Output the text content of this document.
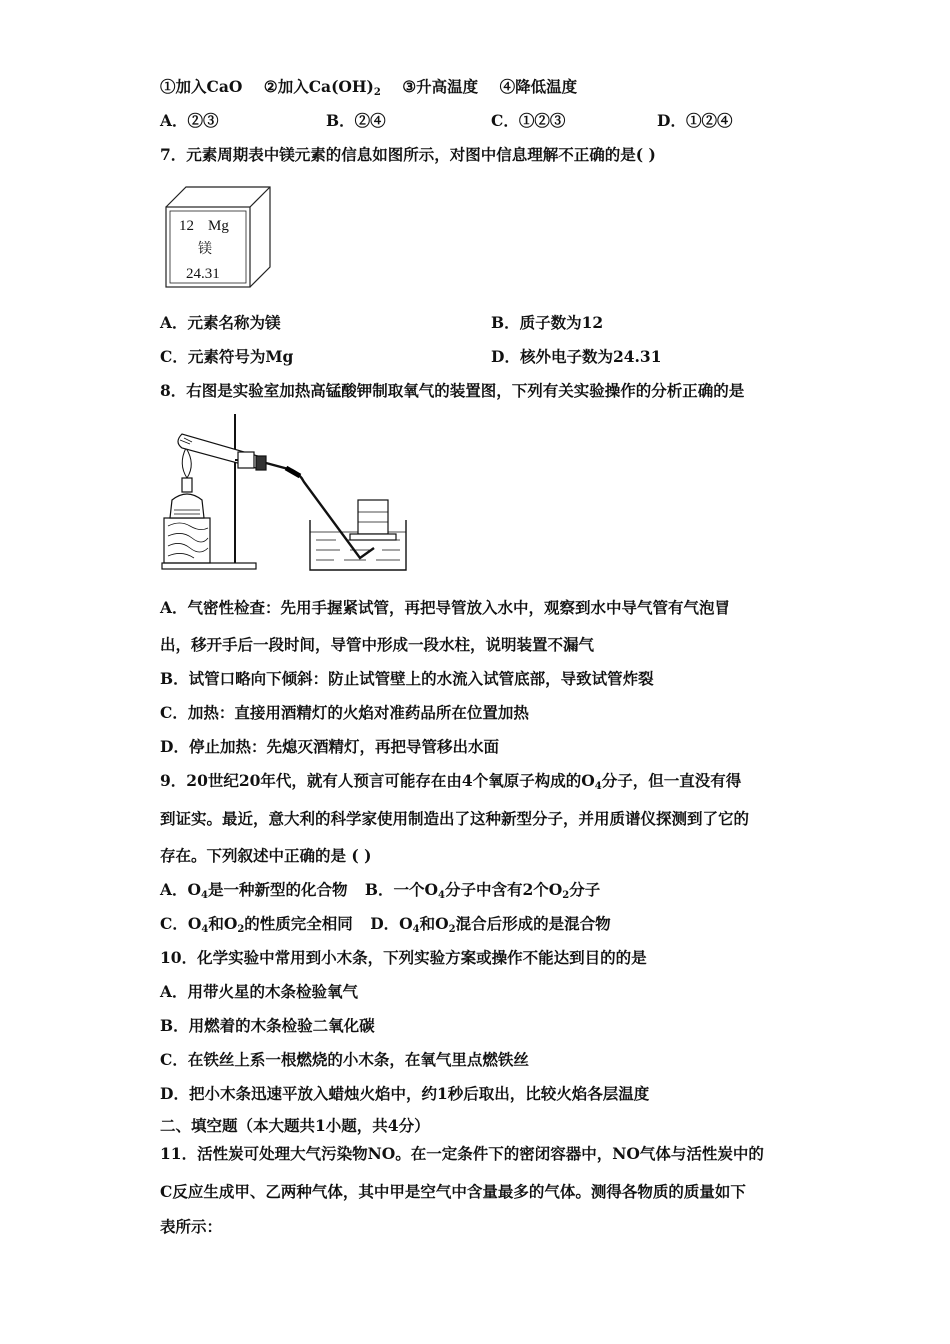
①加入CaO ②加入$Ca(OH)_2$ ③升高温度 ④降低温度
A．②③	B．②④	C．①②③	D．①②④
7．元素周期表中镁元素的信息如图所示，对图中信息理解不正确的是( )
12 Mg
镁
24.31
A．元素名称为镁	B．质子数为12
C．元素符号为Mg	D．核外电子数为24.31
8．右图是实验室加热高锰酸钾制取氧气的装置图，下列有关实验操作的分析正确的是
A．气密性检查：先用手握紧试管，再把导管放入水中，观察到水中导气管有气泡冒
出，移开手后一段时间，导管中形成一段水柱，说明装置不漏气
B．试管口略向下倾斜：防止试管壁上的水流入试管底部，导致试管炸裂
C．加热：直接用酒精灯的火焰对准药品所在位置加热
D．停止加热：先熄灭酒精灯，再把导管移出水面
9．20世纪20年代，就有人预言可能存在由4个氧原子构成的$O_4$分子，但一直没有得
到证实。最近，意大利的科学家使用制造出了这种新型分子，并用质谱仪探测到了它的
存在。下列叙述中正确的是 ( )
A．$O_4$是一种新型的化合物 B．一个$O_4$分子中含有2个$O_2$分子
C．$O_4$和$O_2$的性质完全相同 D．$O_4$和$O_2$混合后形成的是混合物
10．化学实验中常用到小木条，下列实验方案或操作不能达到目的的是
A．用带火星的木条检验氧气
B．用燃着的木条检验二氧化碳
C．在铁丝上系一根燃烧的小木条，在氧气里点燃铁丝
D．把小木条迅速平放入蜡烛火焰中，约1秒后取出，比较火焰各层温度
二、填空题（本大题共1小题，共4分）
11．活性炭可处理大气污染物NO。在一定条件下的密闭容器中，NO气体与活性炭中的
C反应生成甲、乙两种气体，其中甲是空气中含量最多的气体。测得各物质的质量如下
表所示：
